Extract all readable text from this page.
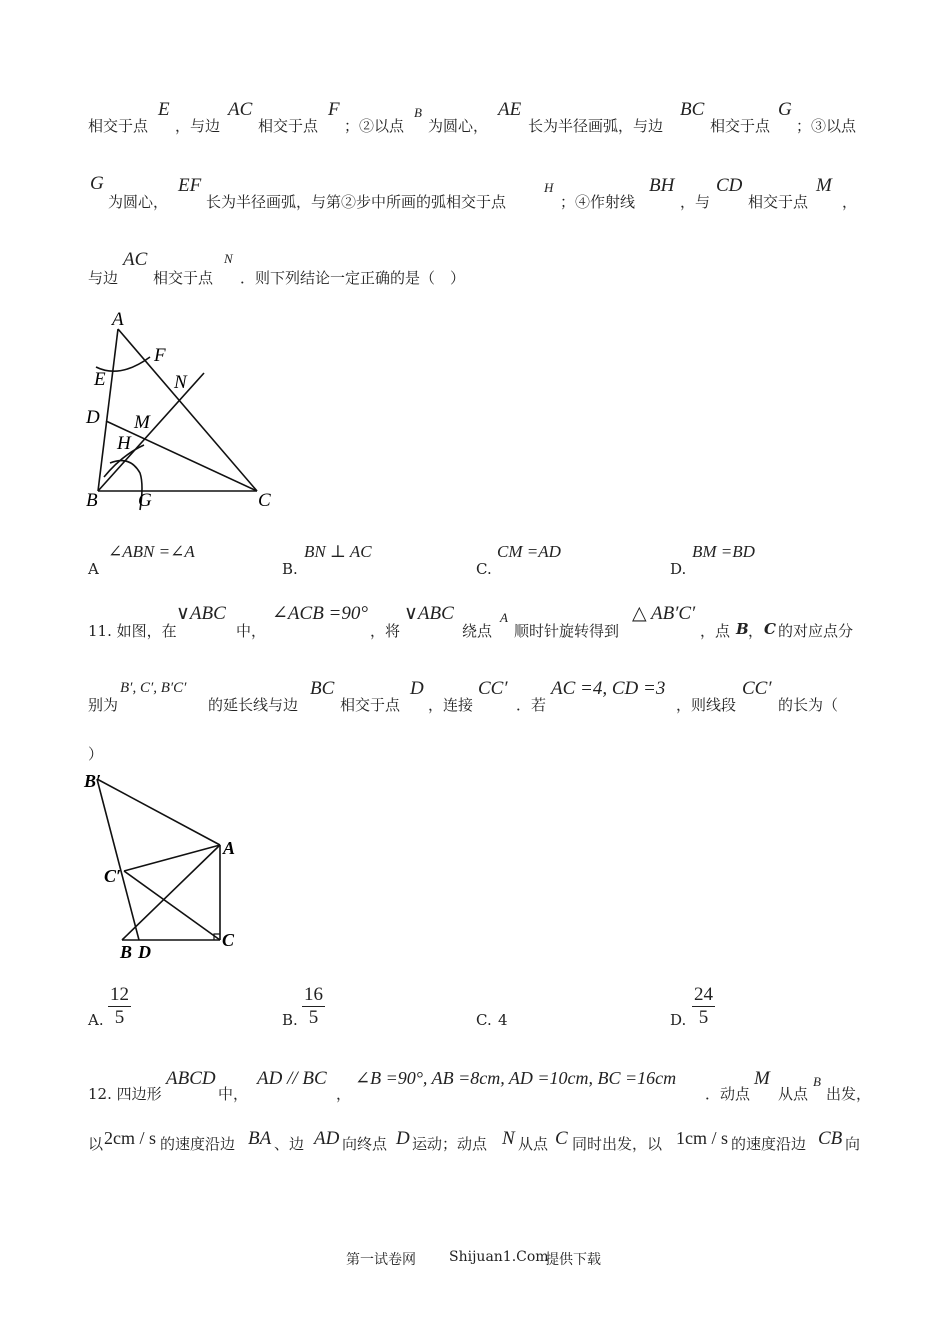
相交于点
E
，与边
AC
相交于点
F
；②以点
B
为圆心，
AE
长为半径画弧，与边
BC
相交于点
G
；③以点
G
为圆心，
EF
长为半径画弧，与第②步中所画的弧相交于点
H
；④作射线
BH
，与
CD
相交于点
M
，
与边
AC
相交于点
N
．则下列结论一定正确的是（　）
A
F
E	N
D M
H
B G	C
A
∠ABN =∠A
B.
BN ⊥ AC
C.
CM =AD
D.
BM =BD
11. 如图，在
∨ABC
中，
∠ACB =90°
，将
∨ABC
绕点
A
顺时针旋转得到
△ AB′C′
，点 B ， C 的对应点分
别为
B′, C′, B′C′
的延长线与边
BC
相交于点
D
，连接
CC′
．若
AC =4, CD =3
，则线段
CC′
的长为（
）
B′
A
C′
B D
C
A. $\frac{12}{5}$	B. $\frac{16}{5}$	C. 4	D. $\frac{24}{5}$
12. 四边形
ABCD
中，
AD // BC
，
∠B =90°, AB =8cm, AD =10cm, BC =16cm
．动点
M
从点
B
出发，
以 2cm / s 的速度沿边 BA 、边 AD 向终点 D 运动；动点 N 从点 C 同时出发，以 1cm / s 的速度沿边 CB 向
第一试卷网 Shijuan1.Com
提供下载
